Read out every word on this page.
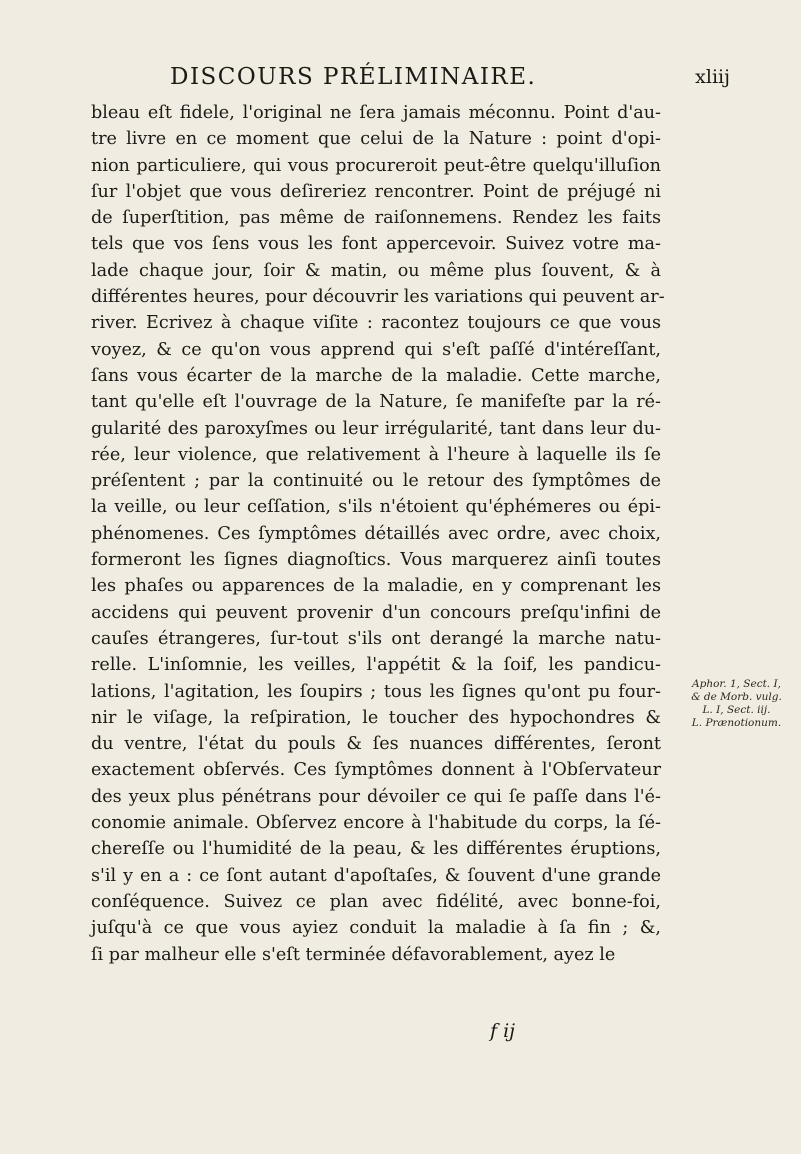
DISCOURS PRÉLIMINAIRE.	xliij
bleau eſt fidele, l'original ne ſera jamais méconnu. Point d'au-
tre livre en ce moment que celui de la Nature : point d'opi-
nion particuliere, qui vous procureroit peut-être quelqu'illuſion
ſur l'objet que vous deſireriez rencontrer. Point de préjugé ni
de ſuperſtition, pas même de raiſonnemens. Rendez les faits
tels que vos ſens vous les font appercevoir. Suivez votre ma-
lade chaque jour, ſoir & matin, ou même plus ſouvent, & à
différentes heures, pour découvrir les variations qui peuvent ar-
river. Ecrivez à chaque viſite : racontez toujours ce que vous
voyez, & ce qu'on vous apprend qui s'eſt paſſé d'intéreſſant,
ſans vous écarter de la marche de la maladie. Cette marche,
tant qu'elle eſt l'ouvrage de la Nature, ſe manifeſte par la ré-
gularité des paroxyſmes ou leur irrégularité, tant dans leur du-
rée, leur violence, que relativement à l'heure à laquelle ils ſe
préſentent ; par la continuité ou le retour des ſymptômes de
la veille, ou leur ceſſation, s'ils n'étoient qu'éphémeres ou épi-
phénomenes. Ces ſymptômes détaillés avec ordre, avec choix,
formeront les ſignes diagnoſtics. Vous marquerez ainſi toutes
les phaſes ou apparences de la maladie, en y comprenant les
accidens qui peuvent provenir d'un concours preſqu'infini de
cauſes étrangeres, ſur-tout s'ils ont derangé la marche natu-
relle. L'inſomnie, les veilles, l'appétit & la ſoif, les pandicu-
lations, l'agitation, les ſoupirs ; tous les ſignes qu'ont pu four-
nir le viſage, la reſpiration, le toucher des hypochondres &
du ventre, l'état du pouls & ſes nuances différentes, ſeront
exactement obſervés. Ces ſymptômes donnent à l'Obſervateur
des yeux plus pénétrans pour dévoiler ce qui ſe paſſe dans l'é-
conomie animale. Obſervez encore à l'habitude du corps, la ſé-
chereſſe ou l'humidité de la peau, & les différentes éruptions,
s'il y en a : ce ſont autant d'apoſtaſes, & ſouvent d'une grande
conſéquence. Suivez ce plan avec fidélité, avec bonne-foi,
juſqu'à ce que vous ayiez conduit la maladie à ſa fin ; &,
ſi par malheur elle s'eſt terminée défavorablement, ayez le
Aphor. 1, Sect. I,
& de Morb. vulg.
L. I, Sect. iij.
L. Prænotionum.
f ij
